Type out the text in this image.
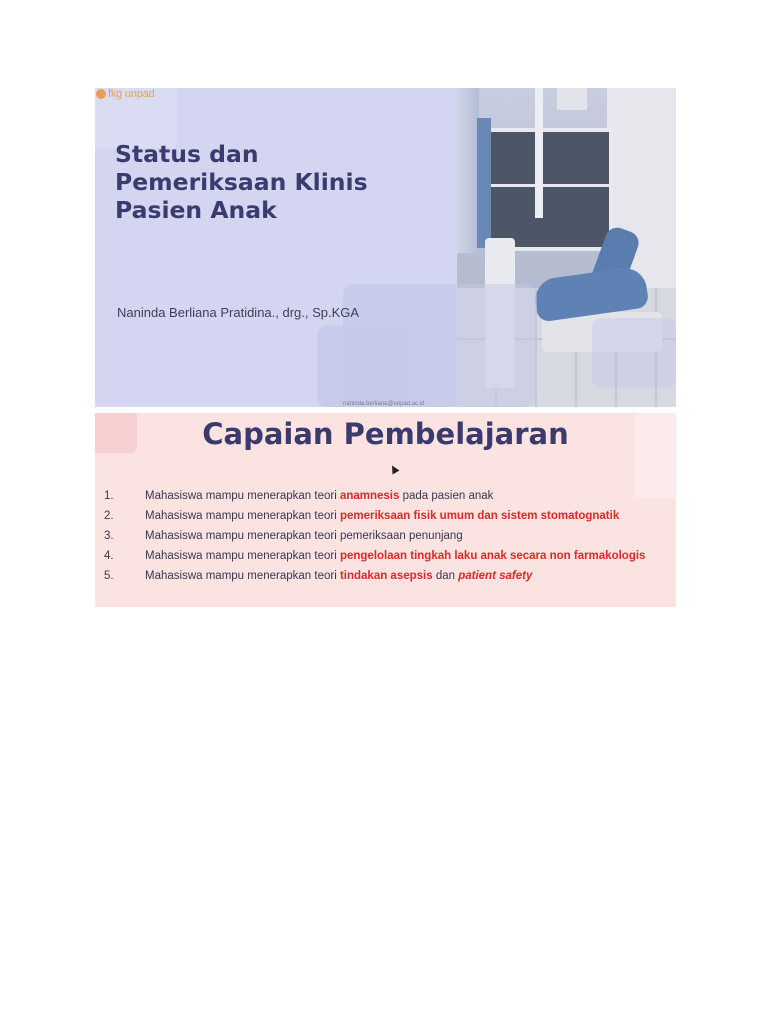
fkg unpad
Status dan
Pemeriksaan Klinis
Pasien Anak
Naninda Berliana Pratidina., drg., Sp.KGA
naninda.berliana@unpad.ac.id
Capaian Pembelajaran
1.	Mahasiswa mampu menerapkan teori anamnesis pada pasien anak
2.	Mahasiswa mampu menerapkan teori pemeriksaan fisik umum dan sistem stomatognatik
3.	Mahasiswa mampu menerapkan teori pemeriksaan penunjang
4.	Mahasiswa mampu menerapkan teori pengelolaan tingkah laku anak secara non farmakologis
5.	Mahasiswa mampu menerapkan teori tindakan asepsis dan patient safety
